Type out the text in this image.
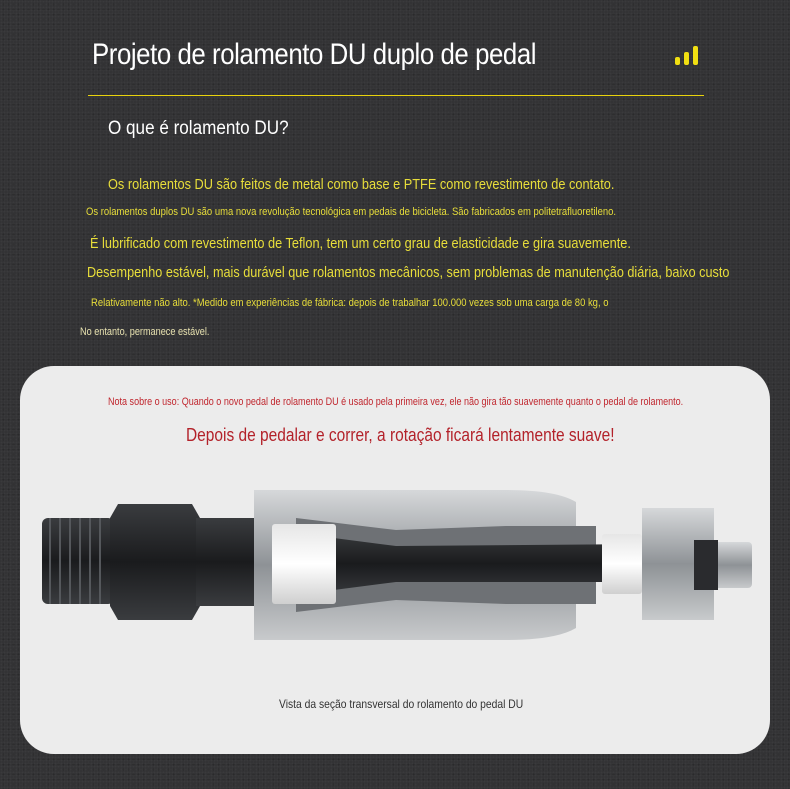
Projeto de rolamento DU duplo de pedal
O que é rolamento DU?
Os rolamentos DU são feitos de metal como base e PTFE como revestimento de contato.
Os rolamentos duplos DU são uma nova revolução tecnológica em pedais de bicicleta. São fabricados em politetrafluoretileno.
É lubrificado com revestimento de Teflon, tem um certo grau de elasticidade e gira suavemente.
Desempenho estável, mais durável que rolamentos mecânicos, sem problemas de manutenção diária, baixo custo
Relativamente não alto. *Medido em experiências de fábrica: depois de trabalhar 100.000 vezes sob uma carga de 80 kg, o
No entanto, permanece estável.
Nota sobre o uso: Quando o novo pedal de rolamento DU é usado pela primeira vez, ele não gira tão suavemente quanto o pedal de rolamento.
Depois de pedalar e correr, a rotação ficará lentamente suave!
Vista da seção transversal do rolamento do pedal DU
